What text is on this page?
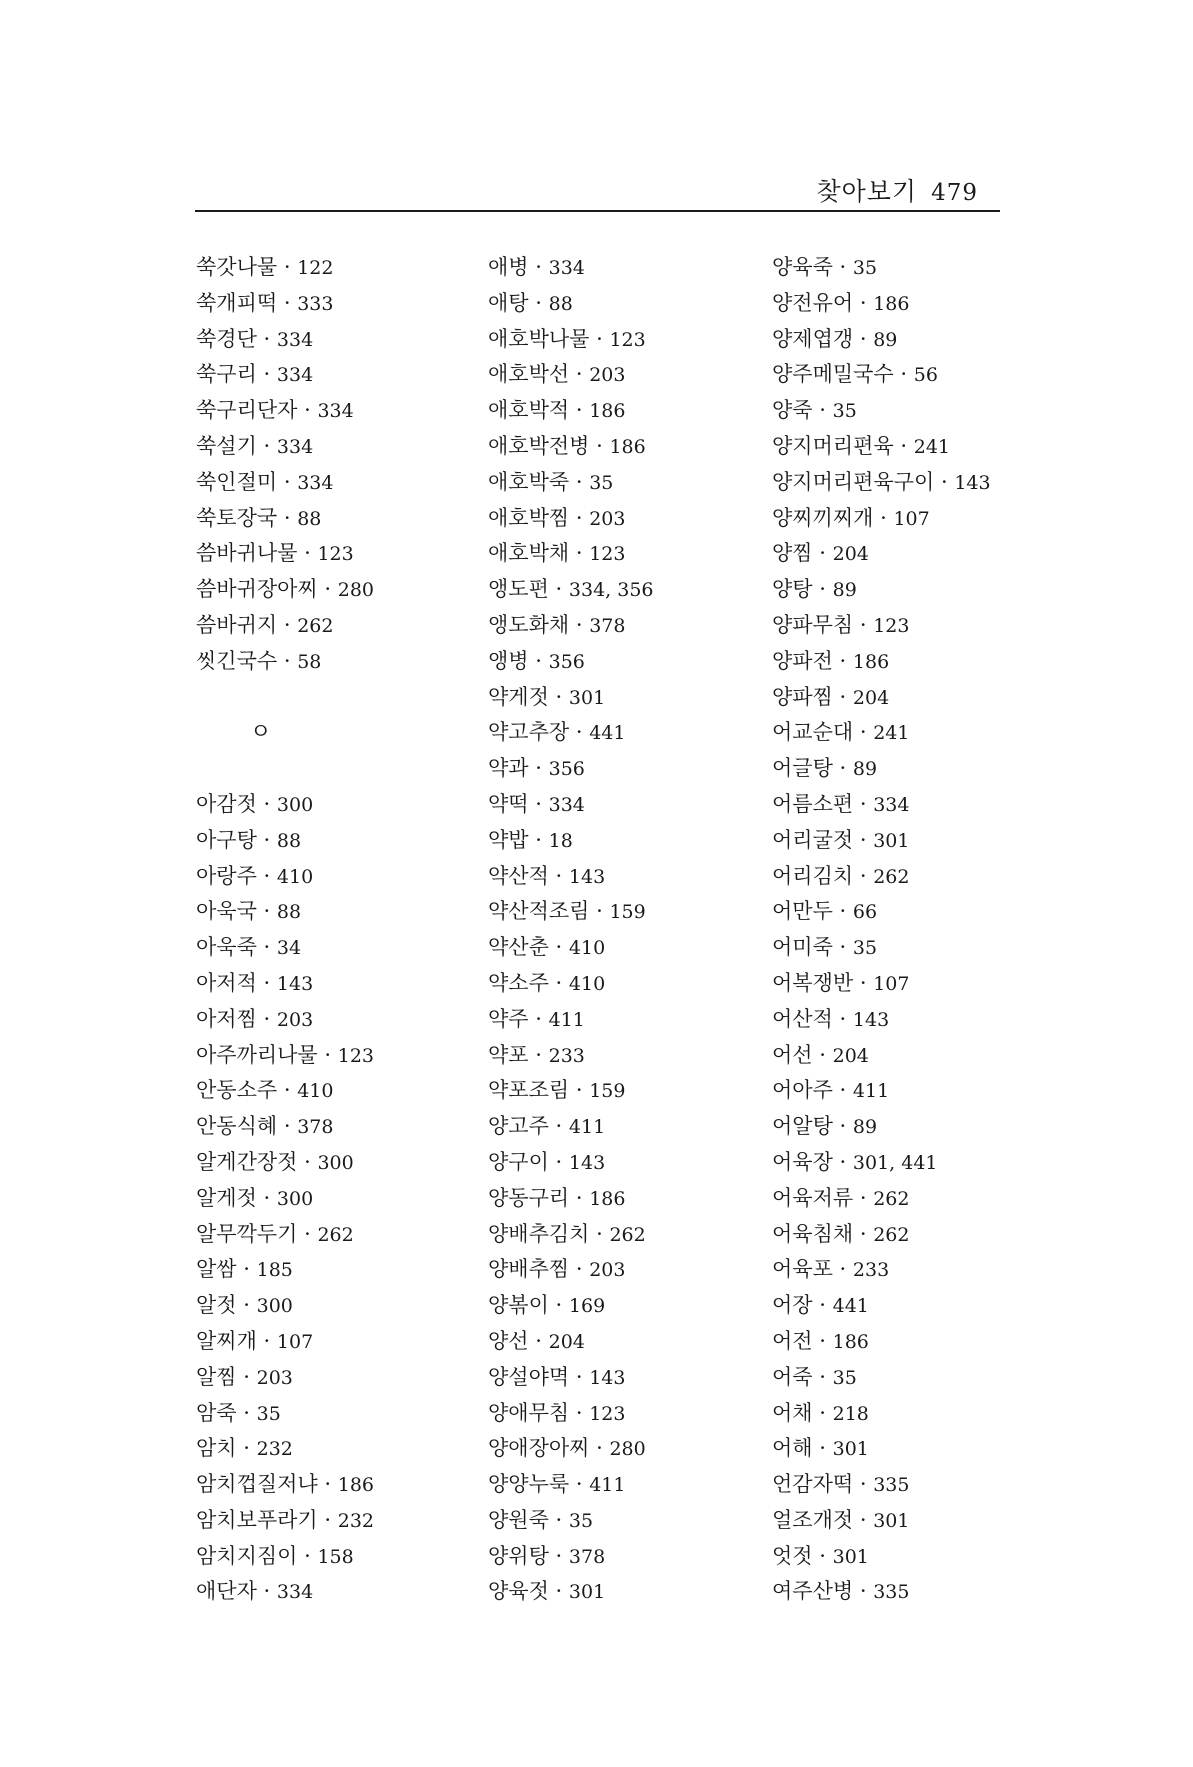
찾아보기 479
쑥갓나물 · 122
쑥개피떡 · 333
쑥경단 · 334
쑥구리 · 334
쑥구리단자 · 334
쑥설기 · 334
쑥인절미 · 334
쑥토장국 · 88
씀바귀나물 · 123
씀바귀장아찌 · 280
씀바귀지 · 262
씻긴국수 · 58
ㅇ
아감젓 · 300
아구탕 · 88
아랑주 · 410
아욱국 · 88
아욱죽 · 34
아저적 · 143
아저찜 · 203
아주까리나물 · 123
안동소주 · 410
안동식혜 · 378
알게간장젓 · 300
알게젓 · 300
알무깍두기 · 262
알쌈 · 185
알젓 · 300
알찌개 · 107
알찜 · 203
암죽 · 35
암치 · 232
암치껍질저냐 · 186
암치보푸라기 · 232
암치지짐이 · 158
애단자 · 334
애병 · 334
애탕 · 88
애호박나물 · 123
애호박선 · 203
애호박적 · 186
애호박전병 · 186
애호박죽 · 35
애호박찜 · 203
애호박채 · 123
앵도편 · 334, 356
앵도화채 · 378
앵병 · 356
약게젓 · 301
약고추장 · 441
약과 · 356
약떡 · 334
약밥 · 18
약산적 · 143
약산적조림 · 159
약산춘 · 410
약소주 · 410
약주 · 411
약포 · 233
약포조림 · 159
양고주 · 411
양구이 · 143
양동구리 · 186
양배추김치 · 262
양배추찜 · 203
양볶이 · 169
양선 · 204
양설야멱 · 143
양애무침 · 123
양애장아찌 · 280
양양누룩 · 411
양원죽 · 35
양위탕 · 378
양육젓 · 301
양육죽 · 35
양전유어 · 186
양제엽갱 · 89
양주메밀국수 · 56
양죽 · 35
양지머리편육 · 241
양지머리편육구이 · 143
양찌끼찌개 · 107
양찜 · 204
양탕 · 89
양파무침 · 123
양파전 · 186
양파찜 · 204
어교순대 · 241
어글탕 · 89
어름소편 · 334
어리굴젓 · 301
어리김치 · 262
어만두 · 66
어미죽 · 35
어복쟁반 · 107
어산적 · 143
어선 · 204
어아주 · 411
어알탕 · 89
어육장 · 301, 441
어육저류 · 262
어육침채 · 262
어육포 · 233
어장 · 441
어전 · 186
어죽 · 35
어채 · 218
어해 · 301
언감자떡 · 335
얼조개젓 · 301
엇젓 · 301
여주산병 · 335
